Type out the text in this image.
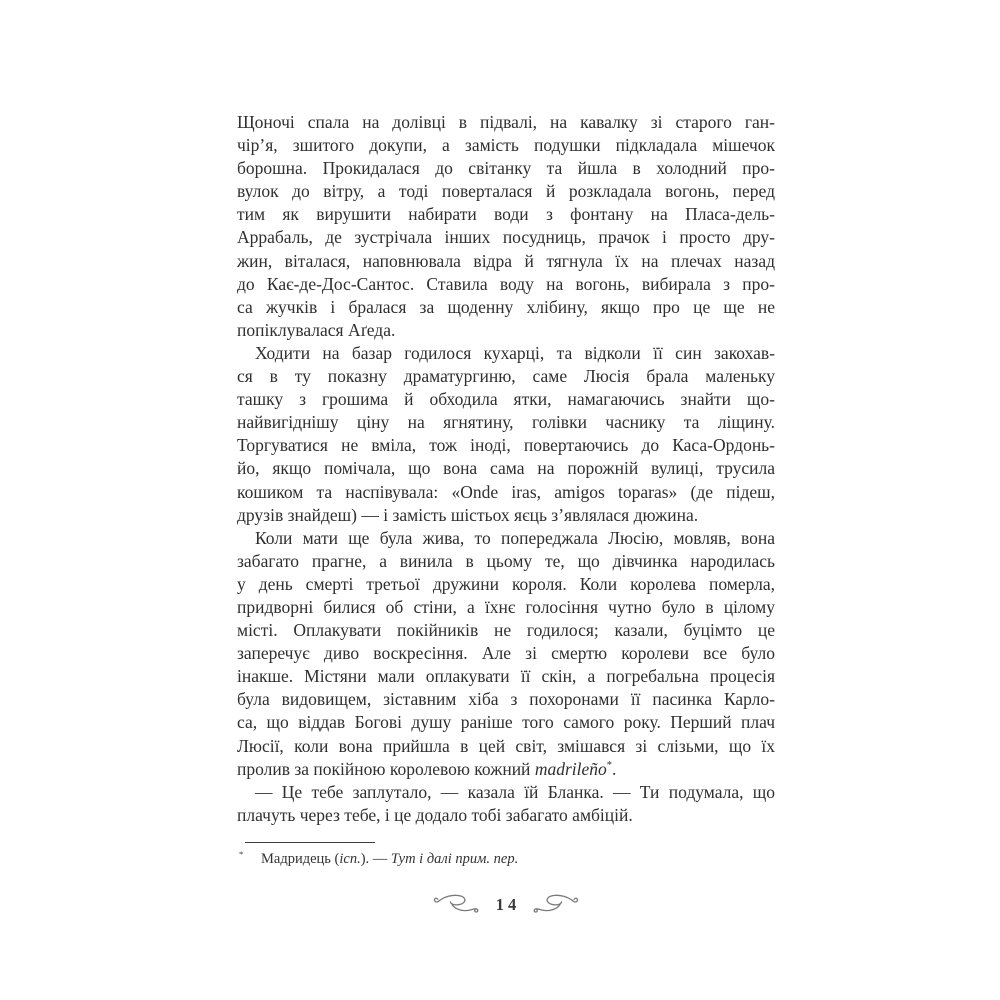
Щоночі спала на долівці в підвалі, на кавалку зі старого ган-
чір’я, зшитого докупи, а замість подушки підкладала мішечок
борошна. Прокидалася до світанку та йшла в холодний про-
вулок до вітру, а тоді поверталася й розкладала вогонь, перед
тим як вирушити набирати води з фонтану на Пласа-дель-
Аррабаль, де зустрічала інших посудниць, прачок і просто дру-
жин, віталася, наповнювала відра й тягнула їх на плечах назад
до Кає-де-Дос-Сантос. Ставила воду на вогонь, вибирала з про-
са жучків і бралася за щоденну хлібину, якщо про це ще не
попіклувалася Аґеда.
Ходити на базар годилося кухарці, та відколи її син закохав-
ся в ту показну драматургиню, саме Люсія брала маленьку
ташку з грошима й обходила ятки, намагаючись знайти що-
найвигіднішу ціну на ягнятину, голівки часнику та ліщину.
Торгуватися не вміла, тож іноді, повертаючись до Каса-Ордонь-
йо, якщо помічала, що вона сама на порожній вулиці, трусила
кошиком та наспівувала: «Onde iras, amigos toparas» (де підеш,
друзів знайдеш) — і замість шістьох яєць з’являлася дюжина.
Коли мати ще була жива, то попереджала Люсію, мовляв, вона
забагато прагне, а винила в цьому те, що дівчинка народилась
у день смерті третьої дружини короля. Коли королева померла,
придворні билися об стіни, а їхнє голосіння чутно було в цілому
місті. Оплакувати покійників не годилося; казали, буцімто це
заперечує диво воскресіння. Але зі смертю королеви все було
інакше. Містяни мали оплакувати її скін, а погребальна процесія
була видовищем, зіставним хіба з похоронами її пасинка Карло-
са, що віддав Богові душу раніше того самого року. Перший плач
Люсії, коли вона прийшла в цей світ, змішався зі слізьми, що їх
пролив за покійною королевою кожний madrileño*.
— Це тебе заплутало, — казала їй Бланка. — Ти подумала, що
плачуть через тебе, і це додало тобі забагато амбіцій.
* Мадридець (ісп.). — Тут і далі прим. пер.
14
